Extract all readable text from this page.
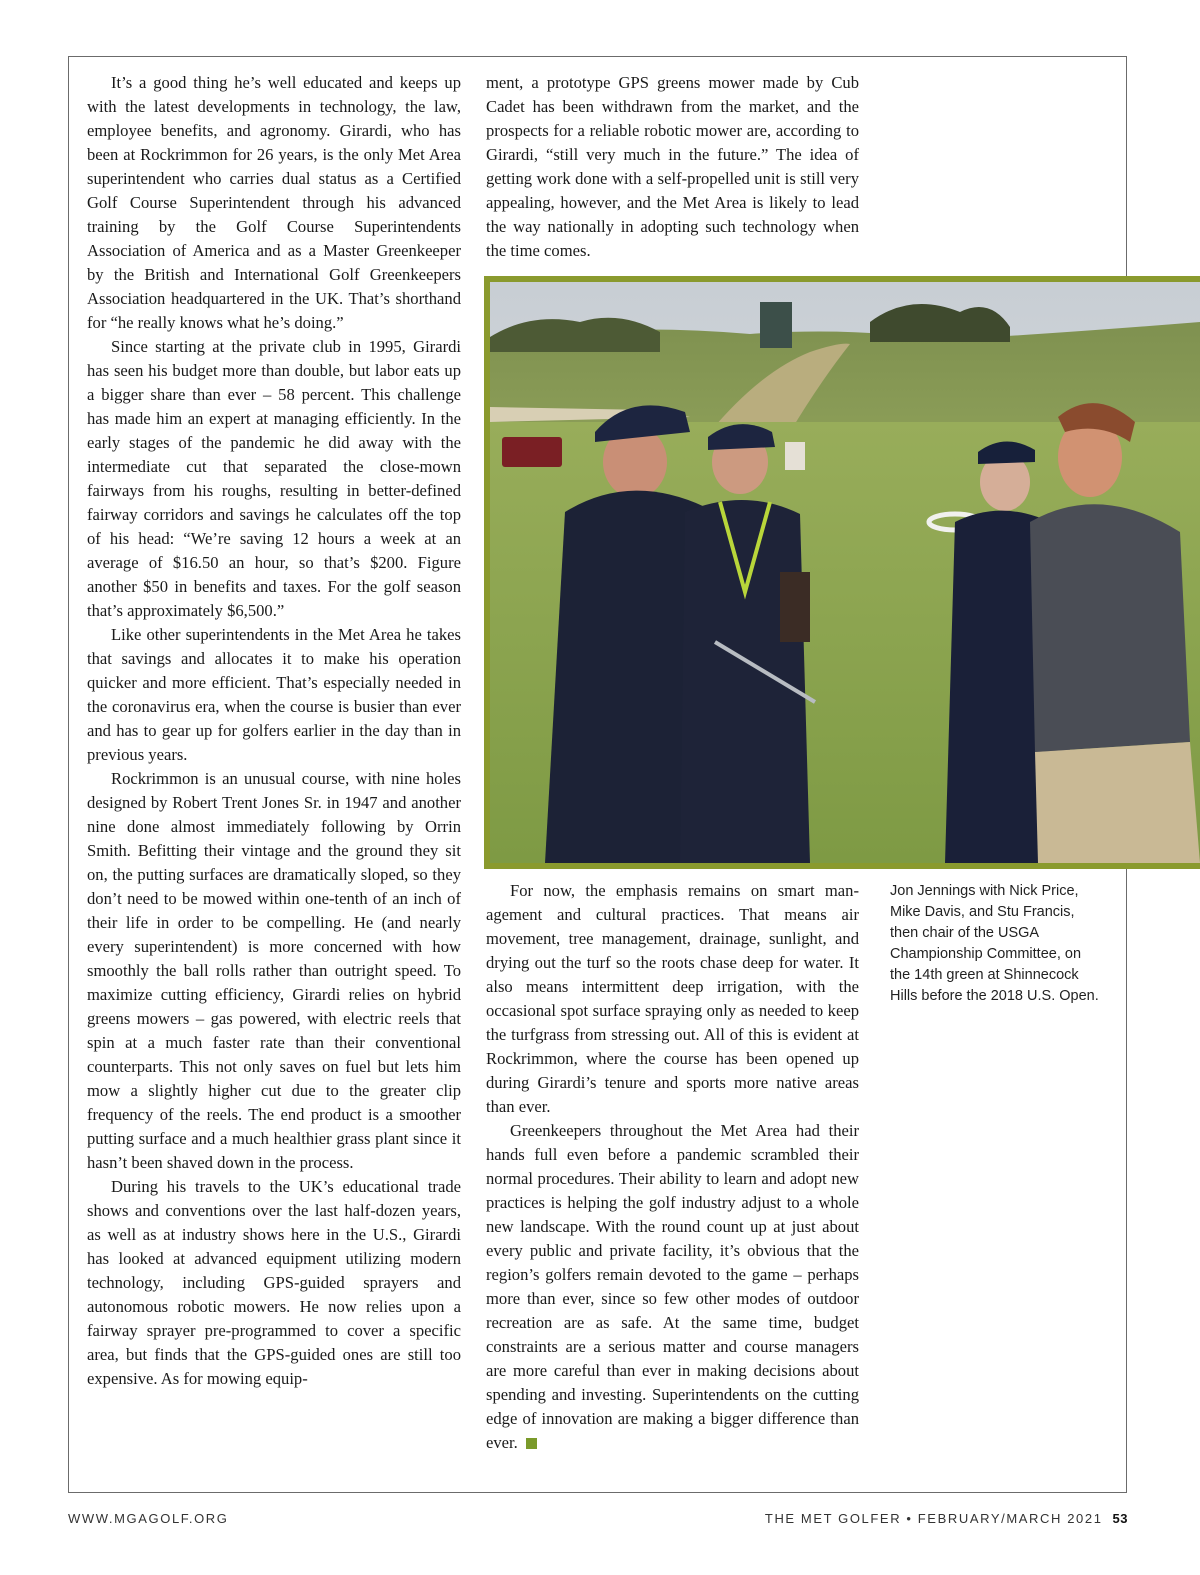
It’s a good thing he’s well educated and keeps up with the latest developments in technology, the law, employee benefits, and agronomy. Girardi, who has been at Rockrimmon for 26 years, is the only Met Area superintendent who carries dual status as a Certified Golf Course Superintendent through his advanced training by the Golf Course Superintendents Association of America and as a Master Greenkeeper by the British and International Golf Greenkeepers Association headquartered in the UK. That’s shorthand for “he really knows what he’s doing.”

Since starting at the private club in 1995, Girardi has seen his budget more than double, but labor eats up a bigger share than ever – 58 percent. This challenge has made him an expert at managing efficiently. In the early stages of the pandemic he did away with the intermediate cut that separated the close-mown fairways from his roughs, resulting in better-defined fairway corridors and savings he calculates off the top of his head: “We’re saving 12 hours a week at an average of $16.50 an hour, so that’s $200. Figure another $50 in benefits and taxes. For the golf season that’s approximately $6,500.”

Like other superintendents in the Met Area he takes that savings and allocates it to make his operation quicker and more efficient. That’s especially needed in the coronavirus era, when the course is busier than ever and has to gear up for golfers earlier in the day than in previous years.

Rockrimmon is an unusual course, with nine holes designed by Robert Trent Jones Sr. in 1947 and another nine done almost immediately following by Orrin Smith. Befitting their vintage and the ground they sit on, the putting surfaces are dramatically sloped, so they don’t need to be mowed within one-tenth of an inch of their life in order to be compelling. He (and nearly every superintendent) is more concerned with how smoothly the ball rolls rather than outright speed. To maximize cutting efficiency, Girardi relies on hybrid greens mowers – gas powered, with electric reels that spin at a much faster rate than their conventional counterparts. This not only saves on fuel but lets him mow a slightly higher cut due to the greater clip frequency of the reels. The end product is a smoother putting surface and a much healthier grass plant since it hasn’t been shaved down in the process.

During his travels to the UK’s educational trade shows and conventions over the last half-dozen years, as well as at industry shows here in the U.S., Girardi has looked at advanced equipment utilizing modern technology, including GPS-guided sprayers and autonomous robotic mowers. He now relies upon a fairway sprayer pre-programmed to cover a specific area, but finds that the GPS-guided ones are still too expensive. As for mowing equip-

ment, a prototype GPS greens mower made by Cub Cadet has been withdrawn from the market, and the prospects for a reliable robotic mower are, according to Girardi, “still very much in the future.” The idea of getting work done with a self-propelled unit is still very appealing, however, and the Met Area is likely to lead the way nationally in adopting such technology when the time comes.

Jon Jennings with Nick Price, Mike Davis, and Stu Francis, then chair of the USGA Championship Committee, on the 14th green at Shinnecock Hills before the 2018 U.S. Open.

For now, the emphasis remains on smart management and cultural practices. That means air movement, tree management, drainage, sunlight, and drying out the turf so the roots chase deep for water. It also means intermittent deep irrigation, with the occasional spot surface spraying only as needed to keep the turfgrass from stressing out. All of this is evident at Rockrimmon, where the course has been opened up during Girardi’s tenure and sports more native areas than ever.

Greenkeepers throughout the Met Area had their hands full even before a pandemic scrambled their normal procedures. Their ability to learn and adopt new practices is helping the golf industry adjust to a whole new landscape. With the round count up at just about every public and private facility, it’s obvious that the region’s golfers remain devoted to the game – perhaps more than ever, since so few other modes of outdoor recreation are as safe. At the same time, budget constraints are a serious matter and course managers are more careful than ever in making decisions about spending and investing. Superintendents on the cutting edge of innovation are making a bigger difference than ever.

WWW.MGAGOLF.ORG	THE MET GOLFER • FEBRUARY/MARCH 2021 53
